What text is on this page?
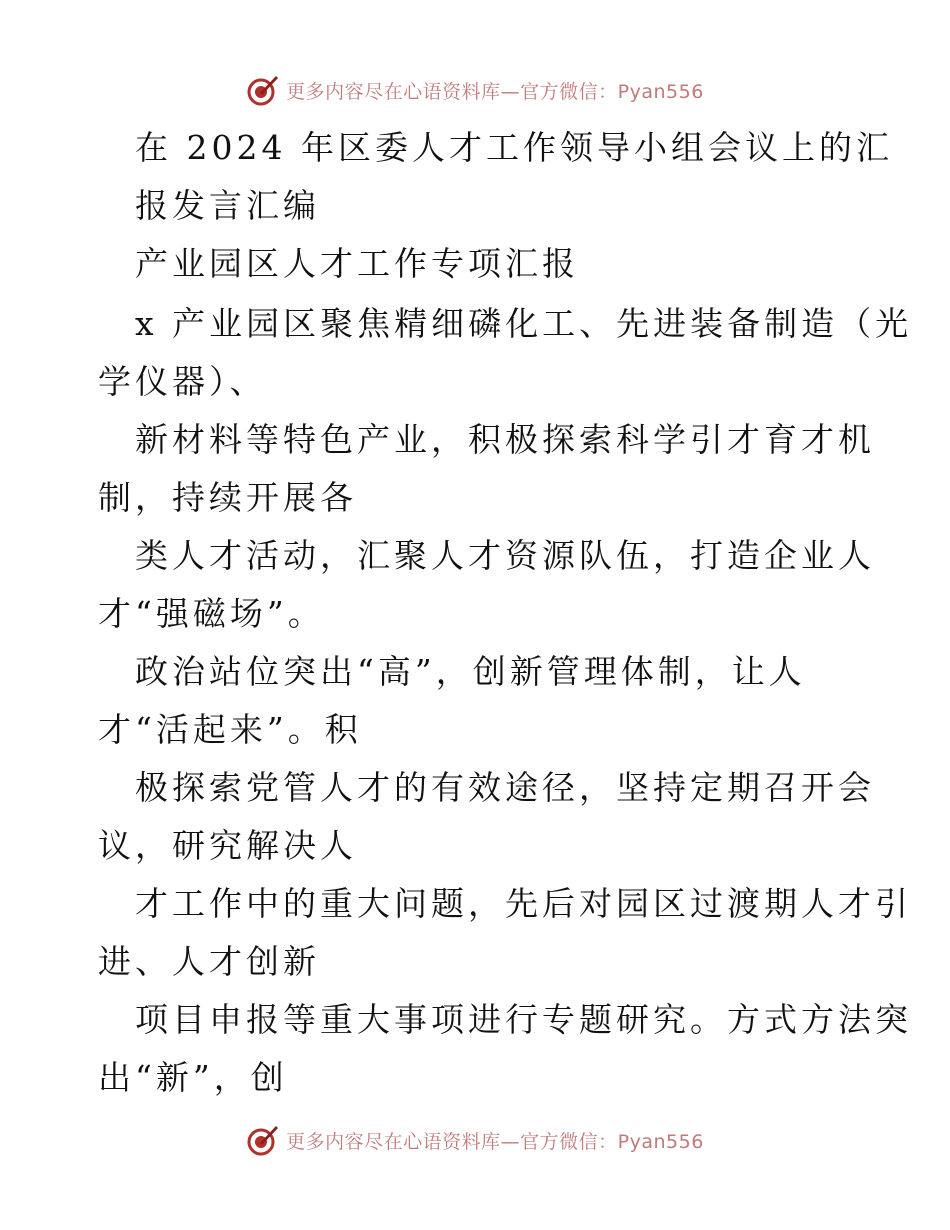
更多内容尽在心语资料库—官方微信：Pyan556
在 2024 年区委人才工作领导小组会议上的汇
报发言汇编
产业园区人才工作专项汇报
x 产业园区聚焦精细磷化工、先进装备制造（光
学仪器）、
新材料等特色产业，积极探索科学引才育才机
制，持续开展各
类人才活动，汇聚人才资源队伍，打造企业人
才“强磁场”。
政治站位突出“高”，创新管理体制，让人
才“活起来”。积
极探索党管人才的有效途径，坚持定期召开会
议，研究解决人
才工作中的重大问题，先后对园区过渡期人才引
进、人才创新
项目申报等重大事项进行专题研究。方式方法突
出“新”，创
更多内容尽在心语资料库—官方微信：Pyan556
